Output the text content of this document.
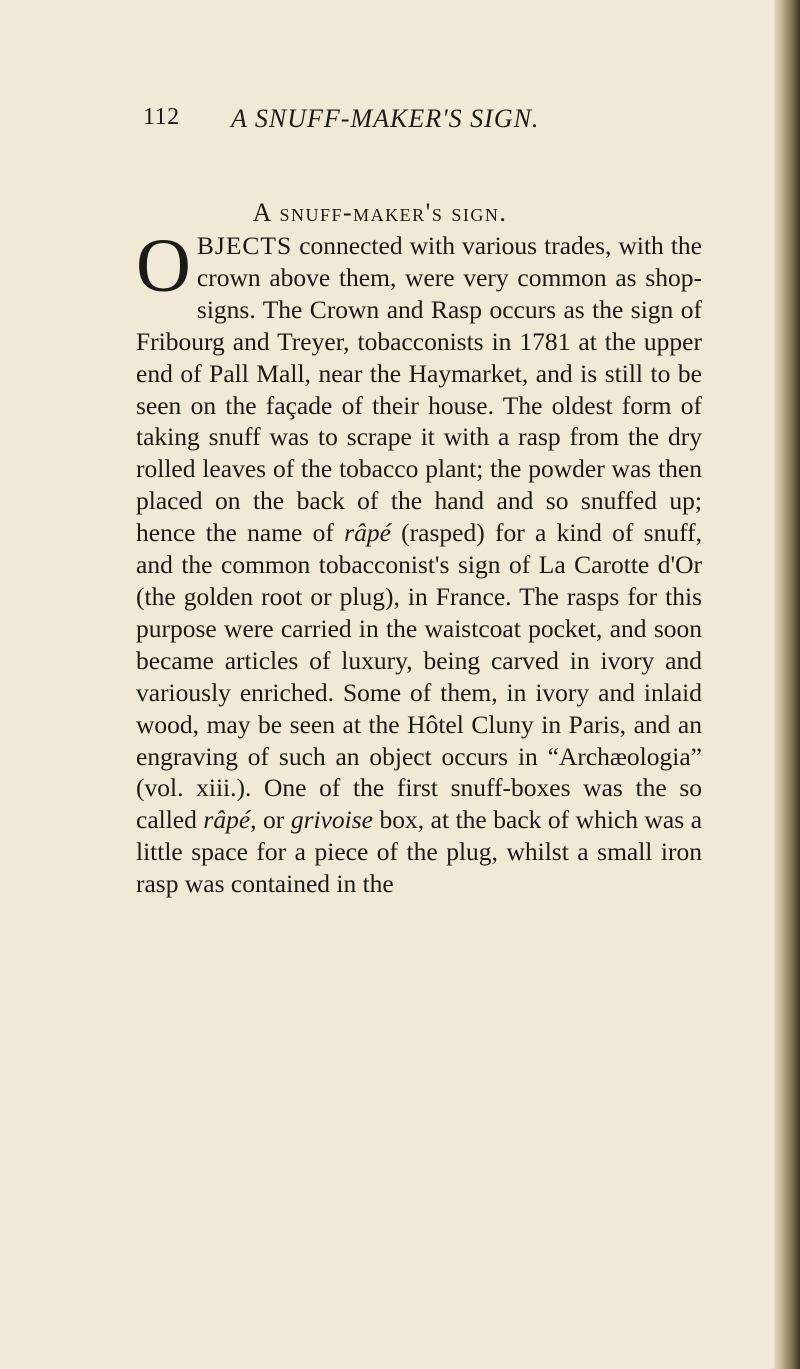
112 A SNUFF-MAKER'S SIGN.
A snuff-maker's sign.

OBJECTS connected with various trades, with the crown above them, were very common as shop-signs. The Crown and Rasp occurs as the sign of Fribourg and Treyer, tobacconists in 1781 at the upper end of Pall Mall, near the Haymarket, and is still to be seen on the façade of their house. The oldest form of taking snuff was to scrape it with a rasp from the dry rolled leaves of the tobacco plant; the powder was then placed on the back of the hand and so snuffed up; hence the name of râpé (rasped) for a kind of snuff, and the common tobacconist's sign of La Carotte d'Or (the golden root or plug), in France. The rasps for this purpose were carried in the waistcoat pocket, and soon became articles of luxury, being carved in ivory and variously enriched. Some of them, in ivory and inlaid wood, may be seen at the Hôtel Cluny in Paris, and an engraving of such an object occurs in “Archæologia” (vol. xiii.). One of the first snuff-boxes was the so called râpé, or grivoise box, at the back of which was a little space for a piece of the plug, whilst a small iron rasp was contained in the
